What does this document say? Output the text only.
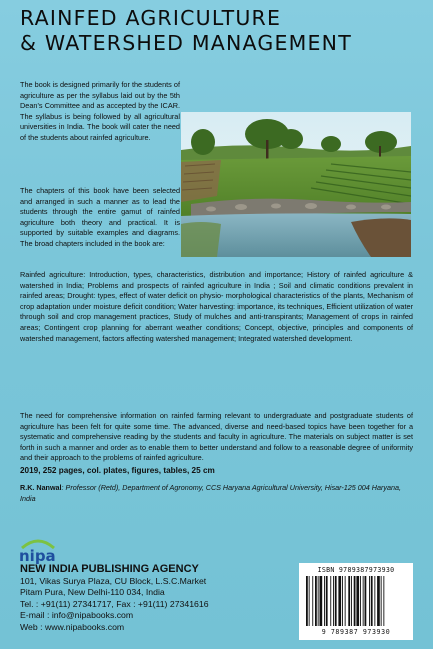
RAINFED AGRICULTURE
& WATERSHED MANAGEMENT

The book is designed primarily for the students of agriculture as per the syllabus laid out by the 5th Dean's Committee and as accepted by the ICAR. The syllabus is being followed by all agricultural universities in India. The book will cater the need of the students about rainfed agriculture.

The chapters of this book have been selected and arranged in such a manner as to lead the students through the entire gamut of rainfed agriculture both theory and practical. It is supported by suitable examples and diagrams. The broad chapters included in the book are:

Rainfed agriculture: Introduction, types, characteristics, distribution and importance; History of rainfed agriculture & watershed in India; Problems and prospects of rainfed agriculture in India ; Soil and climatic conditions prevalent in rainfed areas; Drought: types, effect of water deficit on physio- morphological characteristics of the plants, Mechanism of crop adaptation under moisture deficit condition; Water harvesting: importance, its techniques, Efficient utilization of water through soil and crop management practices, Study of mulches and anti-transpirants; Management of crops in rainfed areas; Contingent crop planning for aberrant weather conditions; Concept, objective, principles and components of watershed management, factors affecting watershed management; Integrated watershed development.

The need for comprehensive information on rainfed farming relevant to undergraduate and postgraduate students of agriculture has been felt for quite some time. The advanced, diverse and need-based topics have been together for a systematic and comprehensive reading by the students and faculty in agriculture. The materials on subject matter is set forth in such a manner and order as to enable them to better understand and follow to a reasonable degree of uniformity and their approach to the problems of rainfed agriculture.

2019, 252 pages, col. plates, figures, tables, 25 cm

R.K. Nanwal: Professor (Retd), Department of Agronomy, CCS Haryana Agricultural University, Hisar-125 004 Haryana, India

nipa
NEW INDIA PUBLISHING AGENCY
101, Vikas Surya Plaza, CU Block, L.S.C.Market
Pitam Pura, New Delhi-110 034, India
Tel. : +91(11) 27341717, Fax : +91(11) 27341616
E-mail : info@nipabooks.com
Web : www.nipabooks.com
ISBN 9789387973930
9 789387 973930
